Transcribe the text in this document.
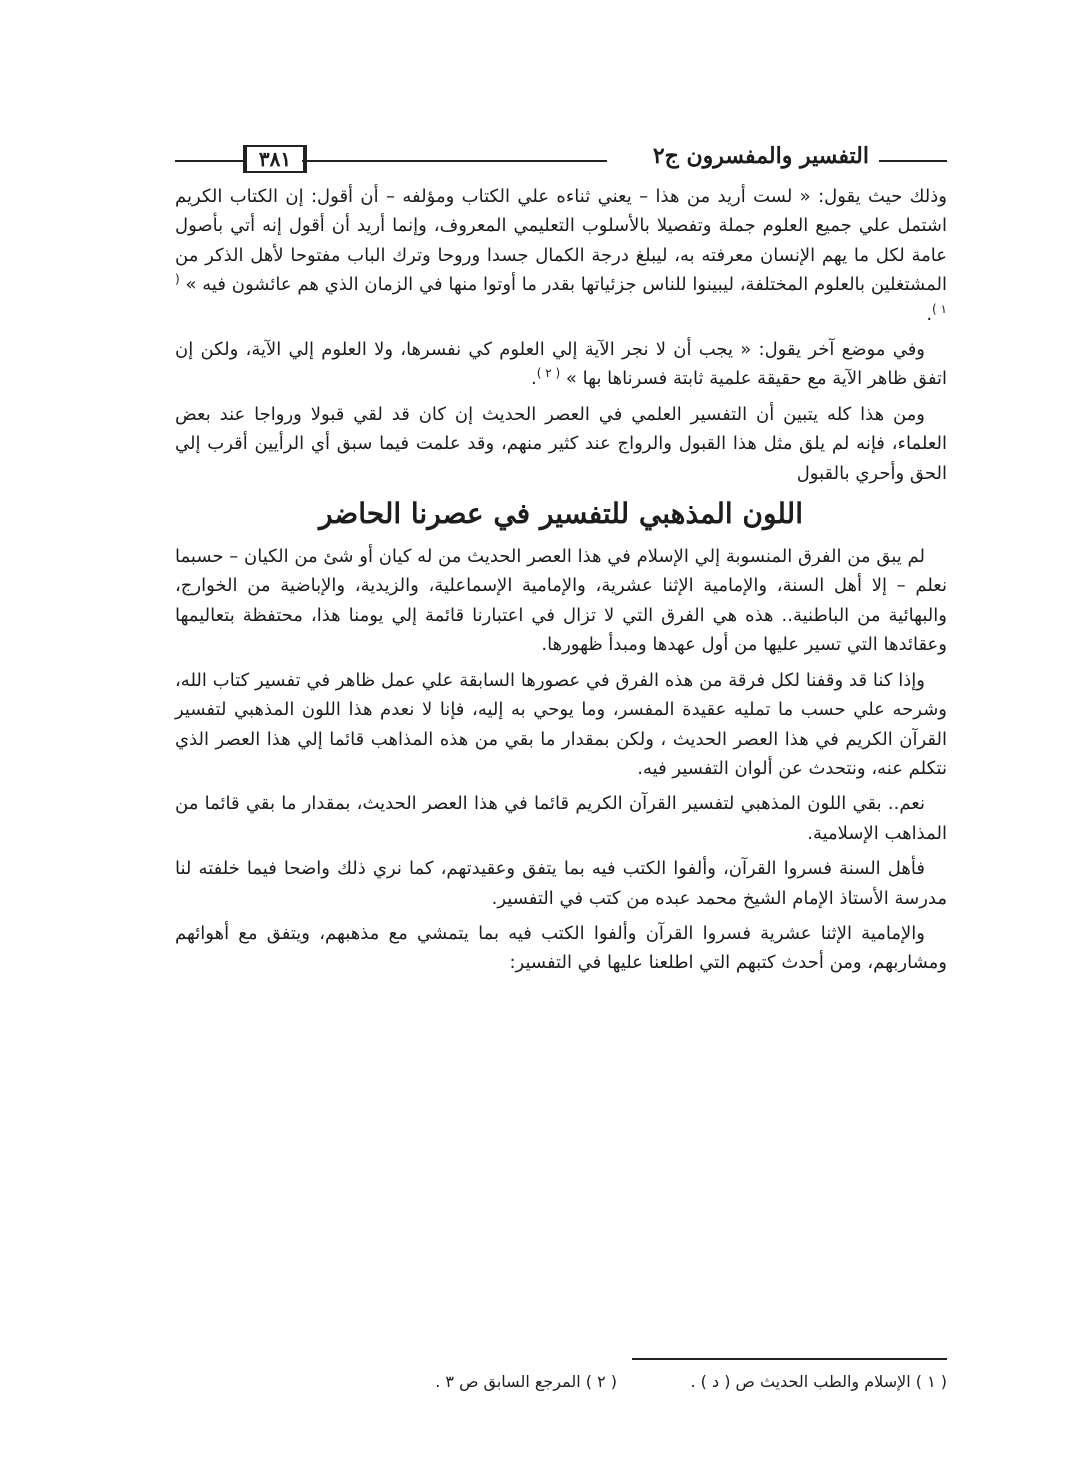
التفسير والمفسرون ج٢
٣٨١

وذلك حيث يقول: « لست أريد من هذا – يعني ثناءه علي الكتاب ومؤلفه – أن أقول: إن الكتاب الكريم اشتمل علي جميع العلوم جملة وتفصيلا بالأسلوب التعليمي المعروف، وإنما أريد أن أقول إنه أتي بأصول عامة لكل ما يهم الإنسان معرفته به، ليبلغ درجة الكمال جسدا وروحا وترك الباب مفتوحا لأهل الذكر من المشتغلين بالعلوم المختلفة، ليبينوا للناس جزئياتها بقدر ما أوتوا منها في الزمان الذي هم عائشون فيه » $^{( ١ )}$.

وفي موضع آخر يقول: « يجب أن لا نجر الآية إلي العلوم كي نفسرها، ولا العلوم إلي الآية، ولكن إن اتفق ظاهر الآية مع حقيقة علمية ثابتة فسرناها بها » $^{( ٢ )}$.

ومن هذا كله يتبين أن التفسير العلمي في العصر الحديث إن كان قد لقي قبولا ورواجا عند بعض العلماء، فإنه لم يلق مثل هذا القبول والرواج عند كثير منهم، وقد علمت فيما سبق أي الرأيين أقرب إلي الحق وأحري بالقبول

اللون المذهبي للتفسير في عصرنا الحاضر

لم يبق من الفرق المنسوبة إلي الإسلام في هذا العصر الحديث من له كيان أو شئ من الكيان – حسبما نعلم – إلا أهل السنة، والإمامية الإثنا عشرية، والإمامية الإسماعلية، والزيدية، والإباضية من الخوارج، والبهائية من الباطنية.. هذه هي الفرق التي لا تزال في اعتبارنا قائمة إلي يومنا هذا، محتفظة بتعاليمها وعقائدها التي تسير عليها من أول عهدها ومبدأ ظهورها.

وإذا كنا قد وقفنا لكل فرقة من هذه الفرق في عصورها السابقة علي عمل ظاهر في تفسير كتاب الله، وشرحه علي حسب ما تمليه عقيدة المفسر، وما يوحي به إليه، فإنا لا نعدم هذا اللون المذهبي لتفسير القرآن الكريم في هذا العصر الحديث ، ولكن بمقدار ما بقي من هذه المذاهب قائما إلي هذا العصر الذي نتكلم عنه، ونتحدث عن ألوان التفسير فيه.

نعم.. بقي اللون المذهبي لتفسير القرآن الكريم قائما في هذا العصر الحديث، بمقدار ما بقي قائما من المذاهب الإسلامية.

فأهل السنة فسروا القرآن، وألفوا الكتب فيه بما يتفق وعقيدتهم، كما نري ذلك واضحا فيما خلفته لنا مدرسة الأستاذ الإمام الشيخ محمد عبده من كتب في التفسير.

والإمامية الإثنا عشرية فسروا القرآن وألفوا الكتب فيه بما يتمشي مع مذهبهم، ويتفق مع أهوائهم ومشاربهم، ومن أحدث كتبهم التي اطلعنا عليها في التفسير:

( ١ ) الإسلام والطب الحديث ص ( د ) .
( ٢ ) المرجع السابق ص ٣ .
